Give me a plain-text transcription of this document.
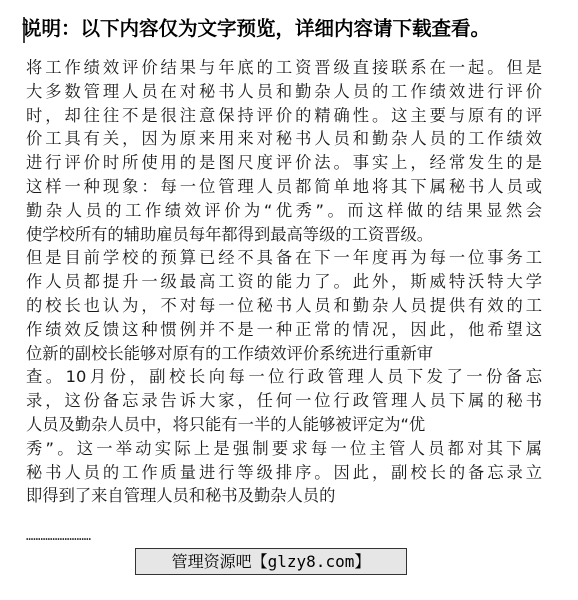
说明：以下内容仅为文字预览，详细内容请下载查看。
将工作绩效评价结果与年底的工资晋级直接联系在一起。但是
大多数管理人员在对秘书人员和勤杂人员的工作绩效进行评价
时，却往往不是很注意保持评价的精确性。这主要与原有的评
价工具有关，因为原来用来对秘书人员和勤杂人员的工作绩效
进行评价时所使用的是图尺度评价法。事实上，经常发生的是
这样一种现象：每一位管理人员都简单地将其下属秘书人员或
勤杂人员的工作绩效评价为“优秀”。而这样做的结果显然会
使学校所有的辅助雇员每年都得到最高等级的工资晋级。
但是目前学校的预算已经不具备在下一年度再为每一位事务工
作人员都提升一级最高工资的能力了。此外，斯威特沃特大学
的校长也认为，不对每一位秘书人员和勤杂人员提供有效的工
作绩效反馈这种惯例并不是一种正常的情况，因此，他希望这
位新的副校长能够对原有的工作绩效评价系统进行重新审
查。10月份，副校长向每一位行政管理人员下发了一份备忘
录，这份备忘录告诉大家，任何一位行政管理人员下属的秘书
人员及勤杂人员中，将只能有一半的人能够被评定为“优
秀”。这一举动实际上是强制要求每一位主管人员都对其下属
秘书人员的工作质量进行等级排序。因此，副校长的备忘录立
即得到了来自管理人员和秘书及勤杂人员的
………………………
管理资源吧【glzy8.com】
